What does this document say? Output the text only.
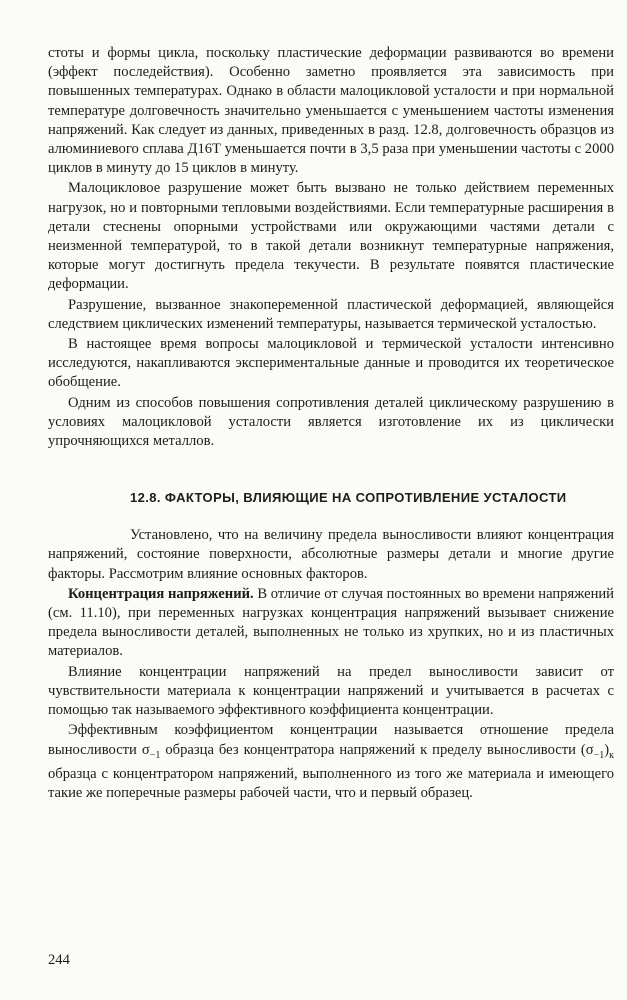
стоты и формы цикла, поскольку пластические деформации развиваются во времени (эффект последействия). Особенно заметно проявляется эта зависимость при повышенных температурах. Однако в области малоцикловой усталости и при нормальной температуре долговечность значительно уменьшается с уменьшением частоты изменения напряжений. Как следует из данных, приведенных в разд. 12.8, долговечность образцов из алюминиевого сплава Д16Т уменьшается почти в 3,5 раза при уменьшении частоты с 2000 циклов в минуту до 15 циклов в минуту.

Малоцикловое разрушение может быть вызвано не только действием переменных нагрузок, но и повторными тепловыми воздействиями. Если температурные расширения в детали стеснены опорными устройствами или окружающими частями детали с неизменной температурой, то в такой детали возникнут температурные напряжения, которые могут достигнуть предела текучести. В результате появятся пластические деформации.

Разрушение, вызванное знакопеременной пластической деформацией, являющейся следствием циклических изменений температуры, называется термической усталостью.

В настоящее время вопросы малоцикловой и термической усталости интенсивно исследуются, накапливаются экспериментальные данные и проводится их теоретическое обобщение.

Одним из способов повышения сопротивления деталей циклическому разрушению в условиях малоцикловой усталости является изготовление их из циклически упрочняющихся металлов.

12.8. ФАКТОРЫ, ВЛИЯЮЩИЕ НА СОПРОТИВЛЕНИЕ УСТАЛОСТИ

Установлено, что на величину предела выносливости влияют концентрация напряжений, состояние поверхности, абсолютные размеры детали и многие другие факторы. Рассмотрим влияние основных факторов.

Концентрация напряжений. В отличие от случая постоянных во времени напряжений (см. 11.10), при переменных нагрузках концентрация напряжений вызывает снижение предела выносливости деталей, выполненных не только из хрупких, но и из пластичных материалов.

Влияние концентрации напряжений на предел выносливости зависит от чувствительности материала к концентрации напряжений и учитывается в расчетах с помощью так называемого эффективного коэффициента концентрации.

Эффективным коэффициентом концентрации называется отношение предела выносливости $\sigma_{-1}$ образца без концентратора напряжений к пределу выносливости $(\sigma_{-1})_к$ образца с концентратором напряжений, выполненного из того же материала и имеющего такие же поперечные размеры рабочей части, что и первый образец.

244
